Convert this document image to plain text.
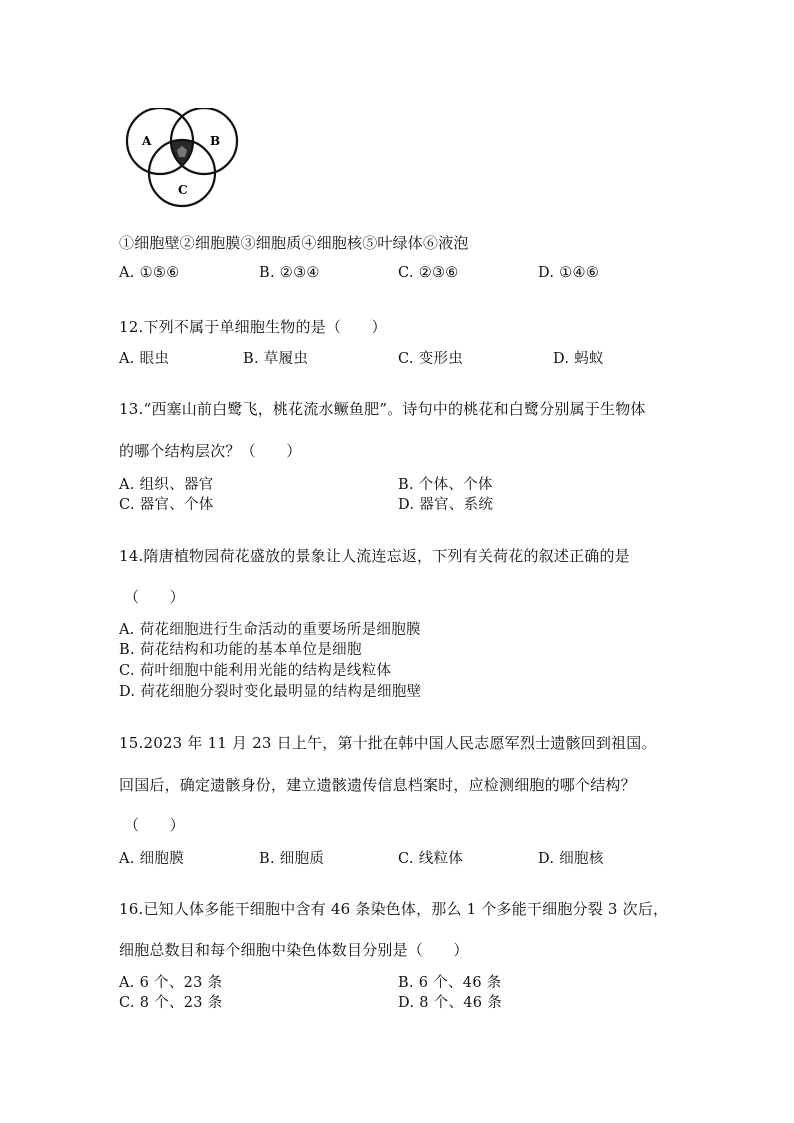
A	B
C
①细胞壁②细胞膜③细胞质④细胞核⑤叶绿体⑥液泡
A. ①⑤⑥	B. ②③④	C. ②③⑥	D. ①④⑥
12.下列不属于单细胞生物的是（　　）
A. 眼虫	B. 草履虫	C. 变形虫	D. 蚂蚁
13.“西塞山前白鹭飞，桃花流水鳜鱼肥”。诗句中的桃花和白鹭分别属于生物体
的哪个结构层次？（　　）
A. 组织、器官	B. 个体、个体
C. 器官、个体	D. 器官、系统
14.隋唐植物园荷花盛放的景象让人流连忘返，下列有关荷花的叙述正确的是
（　　）
A. 荷花细胞进行生命活动的重要场所是细胞膜
B. 荷花结构和功能的基本单位是细胞
C. 荷叶细胞中能利用光能的结构是线粒体
D. 荷花细胞分裂时变化最明显的结构是细胞壁
15.2023 年 11 月 23 日上午，第十批在韩中国人民志愿军烈士遗骸回到祖国。
回国后，确定遗骸身份，建立遗骸遗传信息档案时，应检测细胞的哪个结构？
（　　）
A. 细胞膜	B. 细胞质	C. 线粒体	D. 细胞核
16.已知人体多能干细胞中含有 46 条染色体，那么 1 个多能干细胞分裂 3 次后，
细胞总数目和每个细胞中染色体数目分别是（　　）
A. 6 个、23 条	B. 6 个、46 条
C. 8 个、23 条	D. 8 个、46 条
